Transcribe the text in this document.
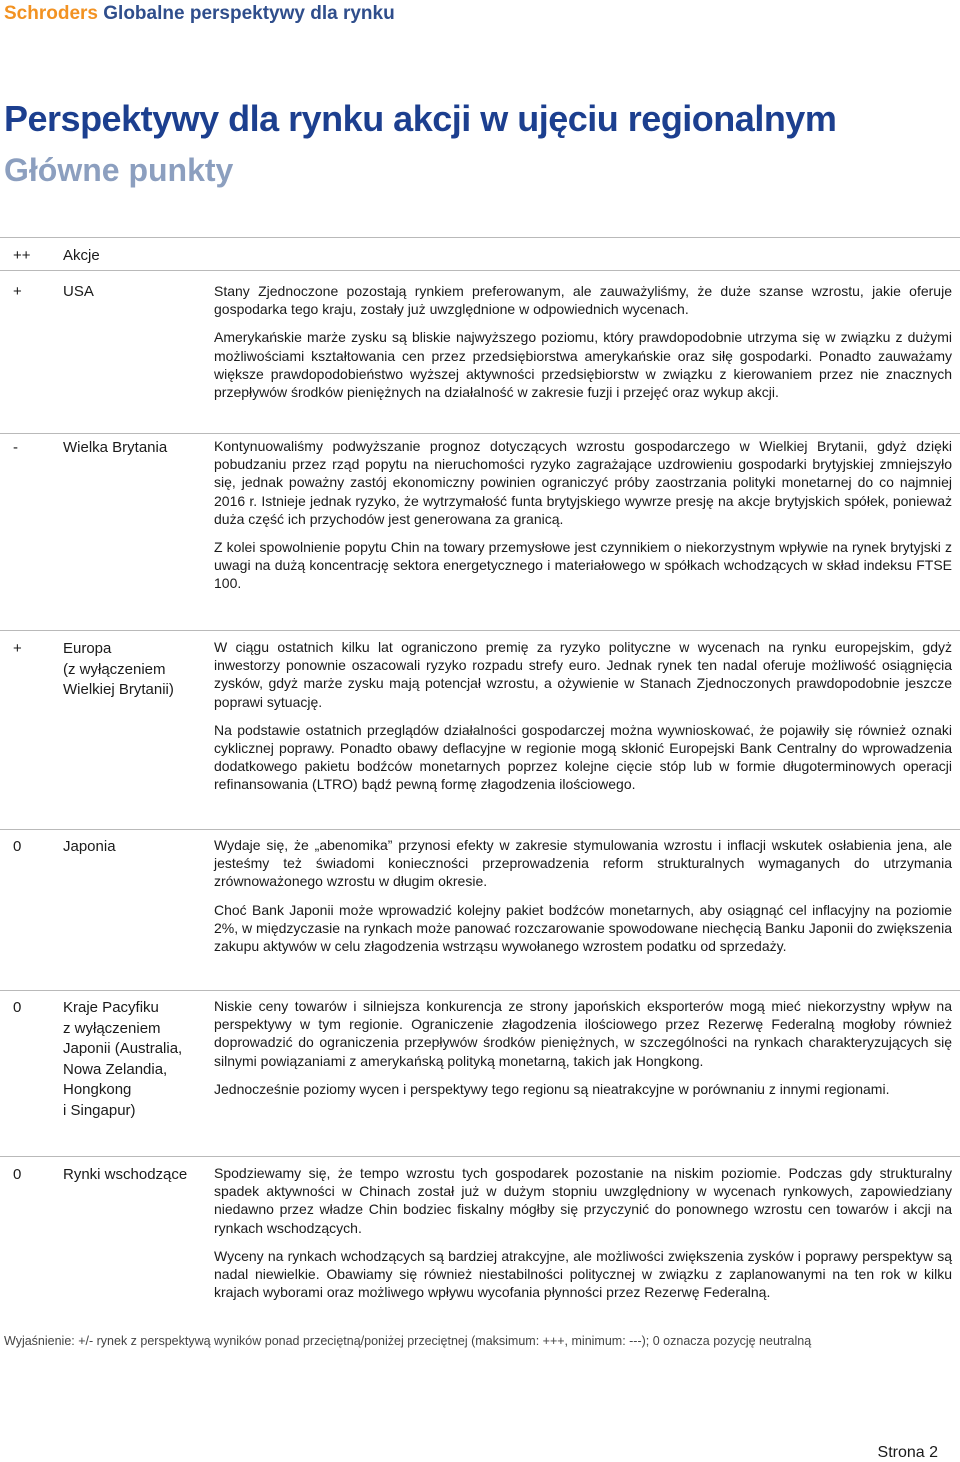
Schroders Globalne perspektywy dla rynku
Perspektywy dla rynku akcji w ujęciu regionalnym
Główne punkty
++ Akcje
+	USA	Stany Zjednoczone pozostają rynkiem preferowanym, ale zauważyliśmy, że duże szanse wzrostu, jakie oferuje gospodarka tego kraju, zostały już uwzględnione w odpowiednich wycenach.

Amerykańskie marże zysku są bliskie najwyższego poziomu, który prawdopodobnie utrzyma się w związku z dużymi możliwościami kształtowania cen przez przedsiębiorstwa amerykańskie oraz siłę gospodarki. Ponadto zauważamy większe prawdopodobieństwo wyższej aktywności przedsiębiorstw w związku z kierowaniem przez nie znacznych przepływów środków pieniężnych na działalność w zakresie fuzji i przejęć oraz wykup akcji.

-	Wielka Brytania	Kontynuowaliśmy podwyższanie prognoz dotyczących wzrostu gospodarczego w Wielkiej Brytanii, gdyż dzięki pobudzaniu przez rząd popytu na nieruchomości ryzyko zagrażające uzdrowieniu gospodarki brytyjskiej zmniejszyło się, jednak poważny zastój ekonomiczny powinien ograniczyć próby zaostrzania polityki monetarnej do co najmniej 2016 r. Istnieje jednak ryzyko, że wytrzymałość funta brytyjskiego wywrze presję na akcje brytyjskich spółek, ponieważ duża część ich przychodów jest generowana za granicą.

Z kolei spowolnienie popytu Chin na towary przemysłowe jest czynnikiem o niekorzystnym wpływie na rynek brytyjski z uwagi na dużą koncentrację sektora energetycznego i materiałowego w spółkach wchodzących w skład indeksu FTSE 100.

+	Europa
(z wyłączeniem
Wielkiej Brytanii)

W ciągu ostatnich kilku lat ograniczono premię za ryzyko polityczne w wycenach na rynku europejskim, gdyż inwestorzy ponownie oszacowali ryzyko rozpadu strefy euro. Jednak rynek ten nadal oferuje możliwość osiągnięcia zysków, gdyż marże zysku mają potencjał wzrostu, a ożywienie w Stanach Zjednoczonych prawdopodobnie jeszcze poprawi sytuację.

Na podstawie ostatnich przeglądów działalności gospodarczej można wywnioskować, że pojawiły się również oznaki cyklicznej poprawy. Ponadto obawy deflacyjne w regionie mogą skłonić Europejski Bank Centralny do wprowadzenia dodatkowego pakietu bodźców monetarnych poprzez kolejne cięcie stóp lub w formie długoterminowych operacji refinansowania (LTRO) bądź pewną formę złagodzenia ilościowego.

0	Japonia	Wydaje się, że „abenomika” przynosi efekty w zakresie stymulowania wzrostu i inflacji wskutek osłabienia jena, ale jesteśmy też świadomi konieczności przeprowadzenia reform strukturalnych wymaganych do utrzymania zrównoważonego wzrostu w długim okresie.

Choć Bank Japonii może wprowadzić kolejny pakiet bodźców monetarnych, aby osiągnąć cel inflacyjny na poziomie 2%, w międzyczasie na rynkach może panować rozczarowanie spowodowane niechęcią Banku Japonii do zwiększenia zakupu aktywów w celu złagodzenia wstrząsu wywołanego wzrostem podatku od sprzedaży.

0	Kraje Pacyfiku
z wyłączeniem
Japonii (Australia,
Nowa Zelandia,
Hongkong
i Singapur)

Niskie ceny towarów i silniejsza konkurencja ze strony japońskich eksporterów mogą mieć niekorzystny wpływ na perspektywy w tym regionie. Ograniczenie złagodzenia ilościowego przez Rezerwę Federalną mogłoby również doprowadzić do ograniczenia przepływów środków pieniężnych, w szczególności na rynkach charakteryzujących się silnymi powiązaniami z amerykańską polityką monetarną, takich jak Hongkong.

Jednocześnie poziomy wycen i perspektywy tego regionu są nieatrakcyjne w porównaniu z innymi regionami.

0	Rynki wschodzące	Spodziewamy się, że tempo wzrostu tych gospodarek pozostanie na niskim poziomie. Podczas gdy strukturalny spadek aktywności w Chinach został już w dużym stopniu uwzględniony w wycenach rynkowych, zapowiedziany niedawno przez władze Chin bodziec fiskalny mógłby się przyczynić do ponownego wzrostu cen towarów i akcji na rynkach wschodzących.

Wyceny na rynkach wchodzących są bardziej atrakcyjne, ale możliwości zwiększenia zysków i poprawy perspektyw są nadal niewielkie. Obawiamy się również niestabilności politycznej w związku z zaplanowanymi na ten rok w kilku krajach wyborami oraz możliwego wpływu wycofania płynności przez Rezerwę Federalną.

Wyjaśnienie: +/- rynek z perspektywą wyników ponad przeciętną/poniżej przeciętnej (maksimum: +++, minimum: ---); 0 oznacza pozycję neutralną
Strona 2
